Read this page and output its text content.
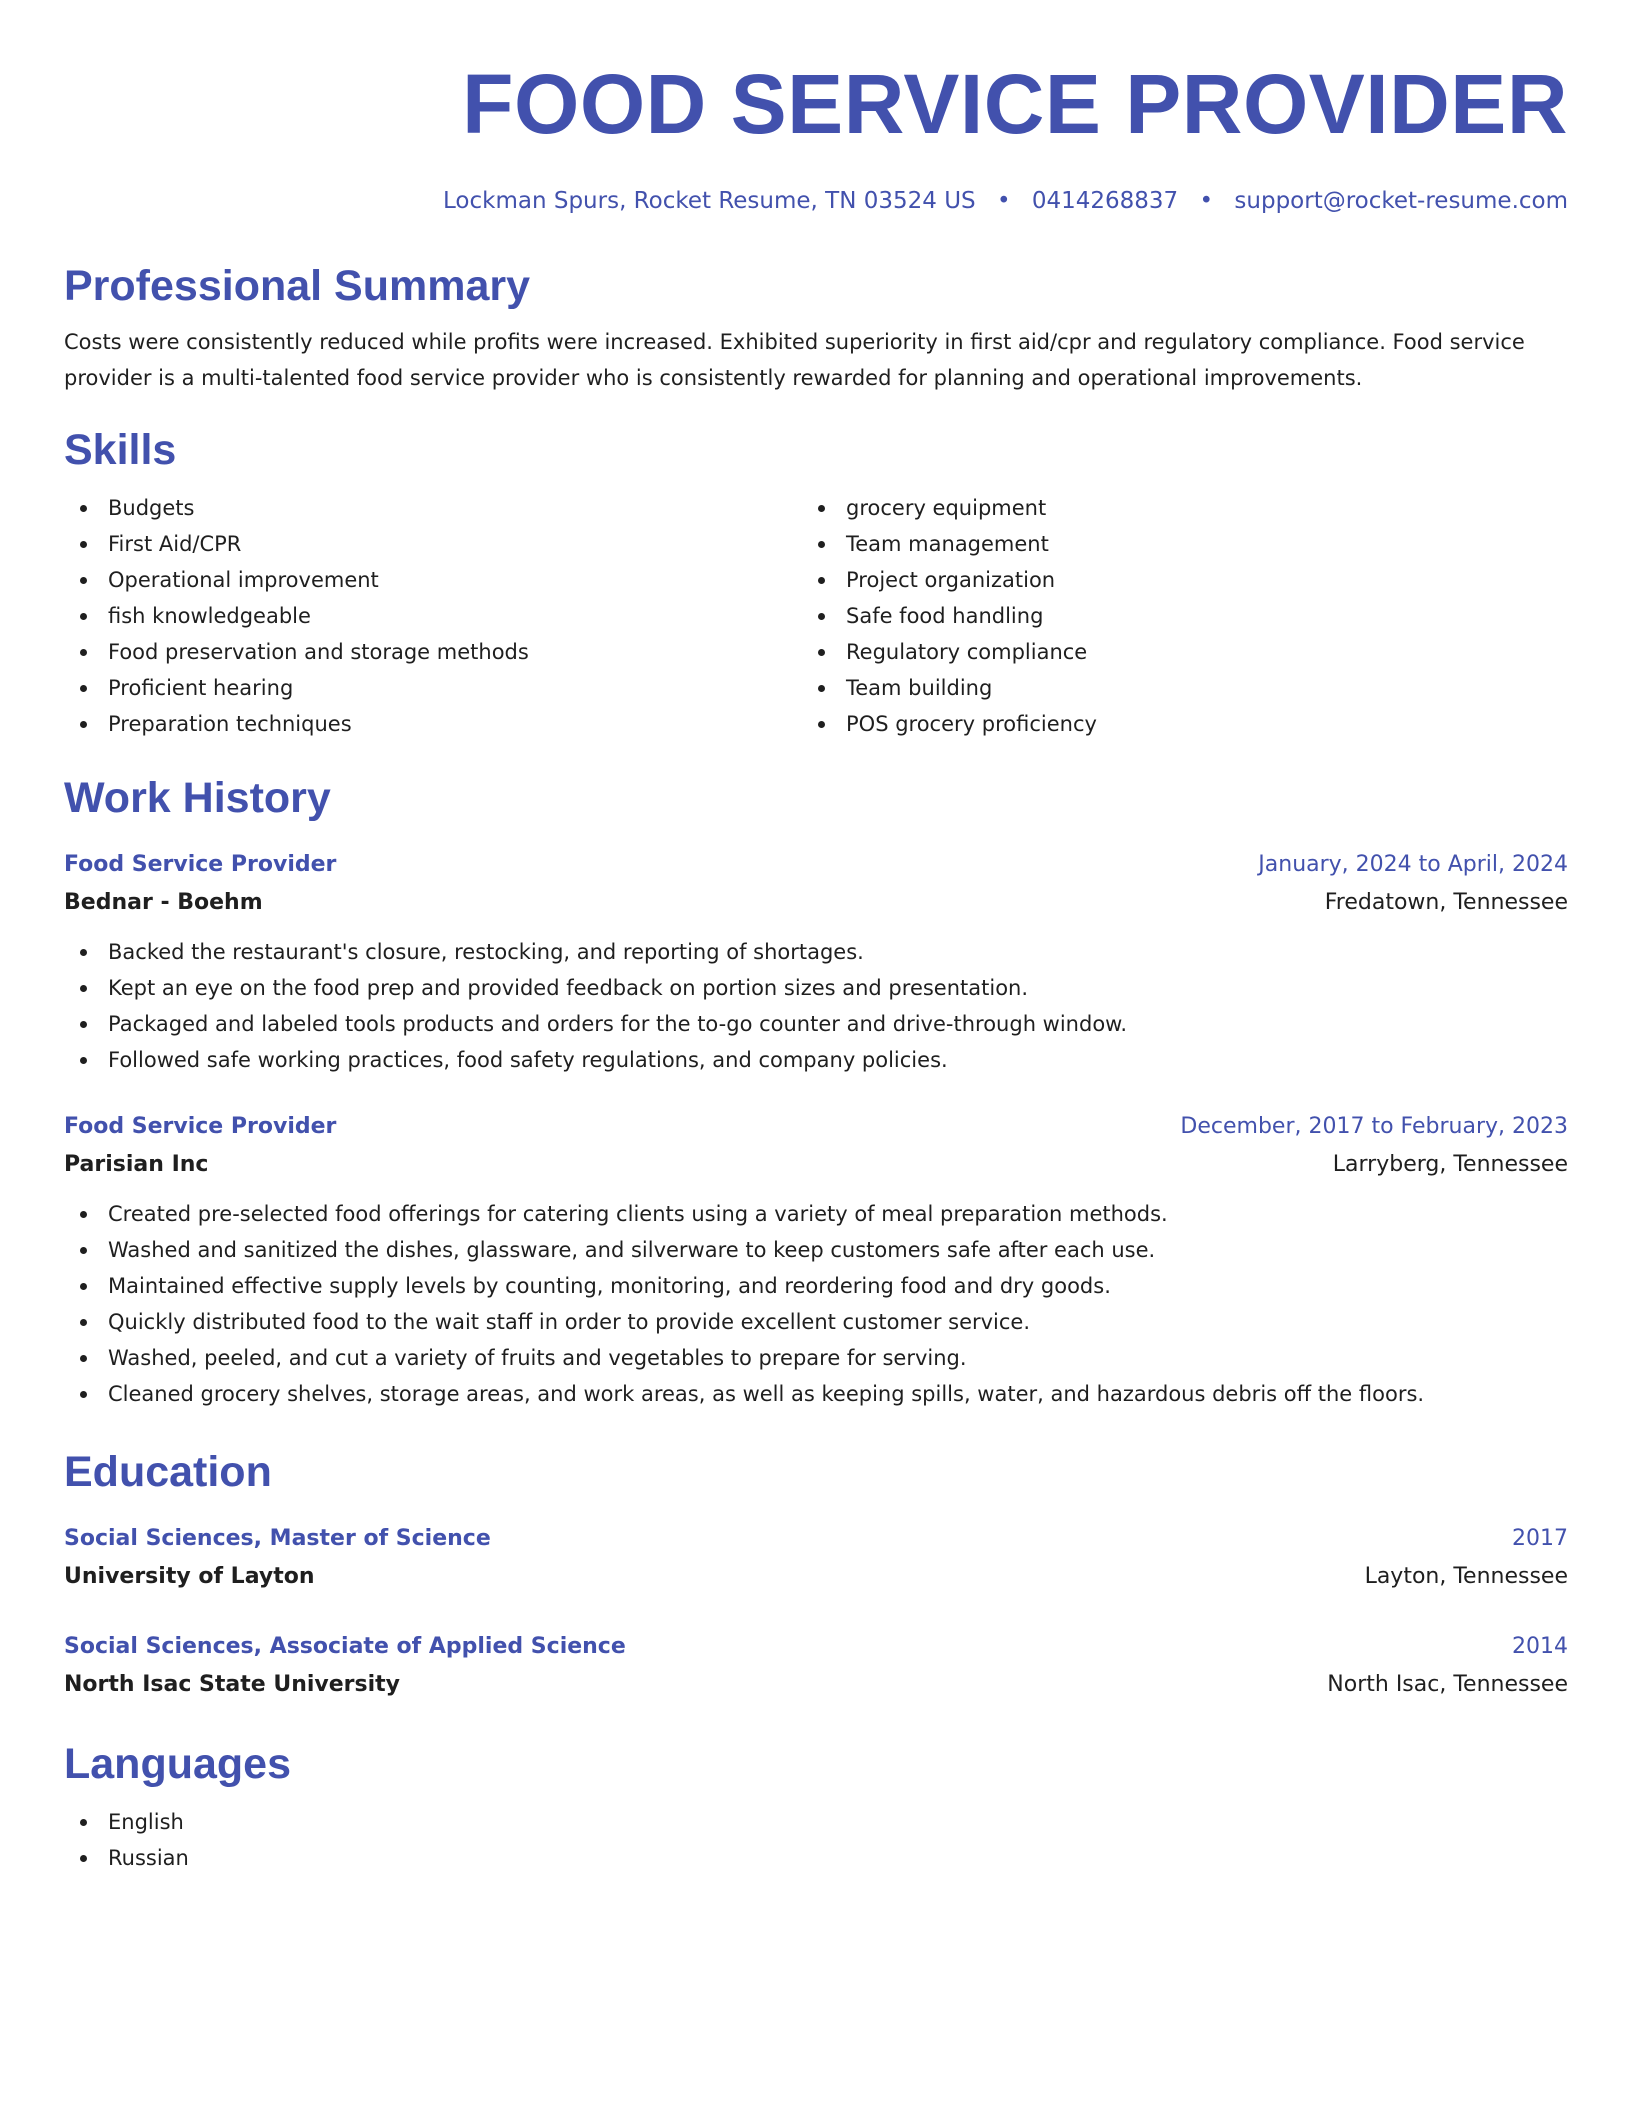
FOOD SERVICE PROVIDER
Lockman Spurs, Rocket Resume, TN 03524 US • 0414268837 • support@rocket-resume.com
Professional Summary

Costs were consistently reduced while profits were increased. Exhibited superiority in first aid/cpr and regulatory compliance. Food service provider is a multi-talented food service provider who is consistently rewarded for planning and operational improvements.

Skills
Budgets
First Aid/CPR
Operational improvement
fish knowledgeable
Food preservation and storage methods
Proficient hearing
Preparation techniques
grocery equipment
Team management
Project organization
Safe food handling
Regulatory compliance
Team building
POS grocery proficiency
Work History
Food Service Provider	January, 2024 to April, 2024
Bednar - Boehm	Fredatown, Tennessee
Backed the restaurant's closure, restocking, and reporting of shortages.
Kept an eye on the food prep and provided feedback on portion sizes and presentation.
Packaged and labeled tools products and orders for the to-go counter and drive-through window.
Followed safe working practices, food safety regulations, and company policies.
Food Service Provider	December, 2017 to February, 2023
Parisian Inc	Larryberg, Tennessee
Created pre-selected food offerings for catering clients using a variety of meal preparation methods.
Washed and sanitized the dishes, glassware, and silverware to keep customers safe after each use.
Maintained effective supply levels by counting, monitoring, and reordering food and dry goods.
Quickly distributed food to the wait staff in order to provide excellent customer service.
Washed, peeled, and cut a variety of fruits and vegetables to prepare for serving.
Cleaned grocery shelves, storage areas, and work areas, as well as keeping spills, water, and hazardous debris off the floors.
Education
Social Sciences, Master of Science	2017
University of Layton	Layton, Tennessee
Social Sciences, Associate of Applied Science	2014
North Isac State University	North Isac, Tennessee
Languages
English
Russian
